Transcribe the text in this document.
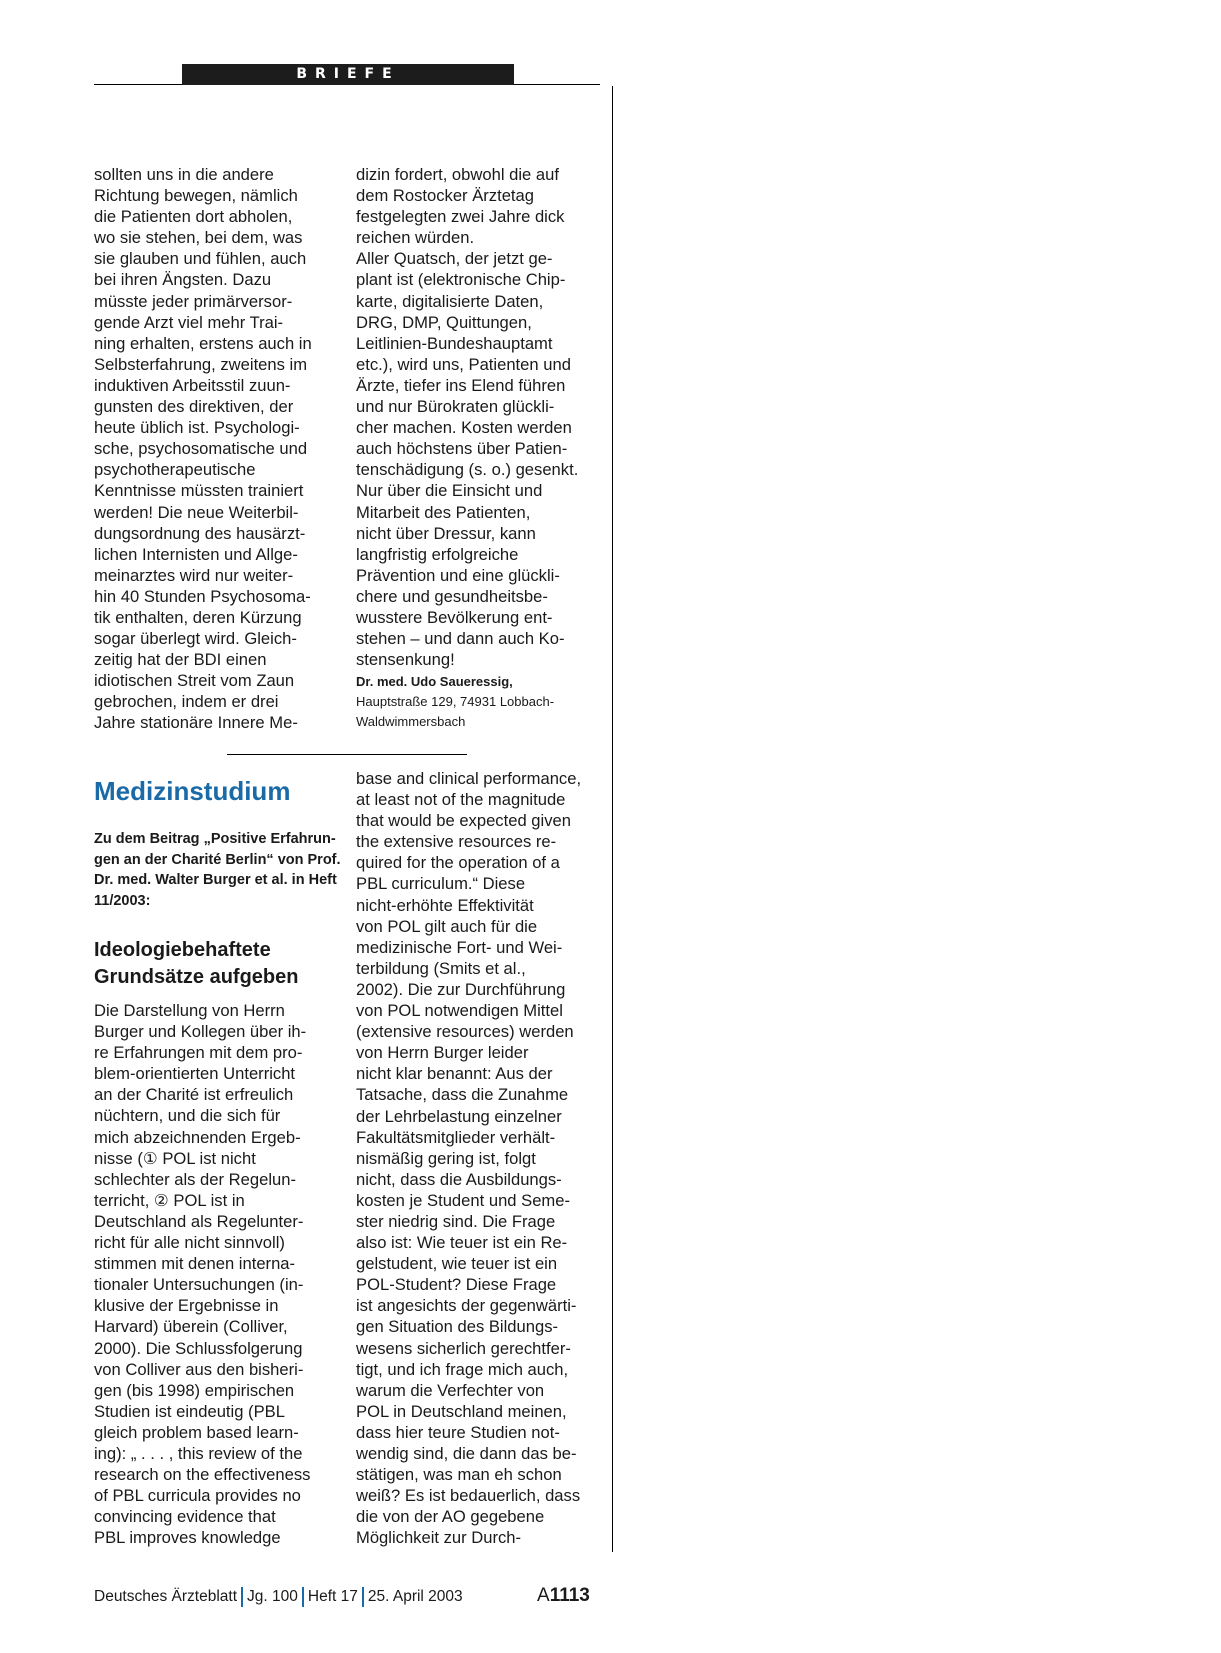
BRIEFE

sollten uns in die andere

Richtung bewegen, nämlich

die Patienten dort abholen,

wo sie stehen, bei dem, was

sie glauben und fühlen, auch

bei ihren Ängsten. Dazu

müsste jeder primärversor-

gende Arzt viel mehr Trai-

ning erhalten, erstens auch in

Selbsterfahrung, zweitens im

induktiven Arbeitsstil zuun-

gunsten des direktiven, der

heute üblich ist. Psychologi-

sche, psychosomatische und

psychotherapeutische

Kenntnisse müssten trainiert

werden! Die neue Weiterbil-

dungsordnung des hausärzt-

lichen Internisten und Allge-

meinarztes wird nur weiter-

hin 40 Stunden Psychosoma-

tik enthalten, deren Kürzung

sogar überlegt wird. Gleich-

zeitig hat der BDI einen

idiotischen Streit vom Zaun

gebrochen, indem er drei

Jahre stationäre Innere Me-

dizin fordert, obwohl die auf

dem Rostocker Ärztetag

festgelegten zwei Jahre dick

reichen würden.

Aller Quatsch, der jetzt ge-

plant ist (elektronische Chip-

karte, digitalisierte Daten,

DRG, DMP, Quittungen,

Leitlinien-Bundeshauptamt

etc.), wird uns, Patienten und

Ärzte, tiefer ins Elend führen

und nur Bürokraten glückli-

cher machen. Kosten werden

auch höchstens über Patien-

tenschädigung (s. o.) gesenkt.

Nur über die Einsicht und

Mitarbeit des Patienten,

nicht über Dressur, kann

langfristig erfolgreiche

Prävention und eine glückli-

chere und gesundheitsbe-

wusstere Bevölkerung ent-

stehen – und dann auch Ko-

stensenkung!

Dr. med. Udo Saueressig,
Hauptstraße 129, 74931 Lobbach-
Waldwimmersbach
Medizinstudium
Zu dem Beitrag „Positive Erfahrun-
gen an der Charité Berlin“ von Prof.
Dr. med. Walter Burger et al. in Heft
11/2003:
Ideologiebehaftete
Grundsätze aufgeben

Die Darstellung von Herrn

Burger und Kollegen über ih-

re Erfahrungen mit dem pro-

blem-orientierten Unterricht

an der Charité ist erfreulich

nüchtern, und die sich für

mich abzeichnenden Ergeb-

nisse (① POL ist nicht

schlechter als der Regelun-

terricht, ② POL ist in

Deutschland als Regelunter-

richt für alle nicht sinnvoll)

stimmen mit denen interna-

tionaler Untersuchungen (in-

klusive der Ergebnisse in

Harvard) überein (Colliver,

2000). Die Schlussfolgerung

von Colliver aus den bisheri-

gen (bis 1998) empirischen

Studien ist eindeutig (PBL

gleich problem based learn-

ing): „ . . . , this review of the

research on the effectiveness

of PBL curricula provides no

convincing evidence that

PBL improves knowledge

base and clinical performance,

at least not of the magnitude

that would be expected given

the extensive resources re-

quired for the operation of a

PBL curriculum.“ Diese

nicht-erhöhte Effektivität

von POL gilt auch für die

medizinische Fort- und Wei-

terbildung (Smits et al.,

2002). Die zur Durchführung

von POL notwendigen Mittel

(extensive resources) werden

von Herrn Burger leider

nicht klar benannt: Aus der

Tatsache, dass die Zunahme

der Lehrbelastung einzelner

Fakultätsmitglieder verhält-

nismäßig gering ist, folgt

nicht, dass die Ausbildungs-

kosten je Student und Seme-

ster niedrig sind. Die Frage

also ist: Wie teuer ist ein Re-

gelstudent, wie teuer ist ein

POL-Student? Diese Frage

ist angesichts der gegenwärti-

gen Situation des Bildungs-

wesens sicherlich gerechtfer-

tigt, und ich frage mich auch,

warum die Verfechter von

POL in Deutschland meinen,

dass hier teure Studien not-

wendig sind, die dann das be-

stätigen, was man eh schon

weiß? Es ist bedauerlich, dass

die von der AO gegebene

Möglichkeit zur Durch-

Deutsches Ärzteblatt Jg. 100 Heft 17 25. April 2003	A1113
